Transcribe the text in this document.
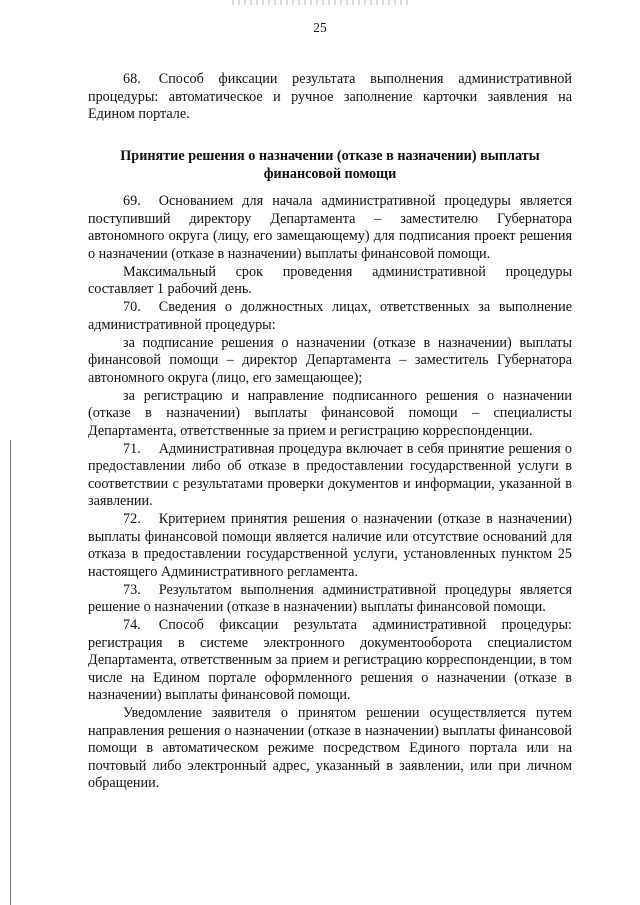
25

68. Способ фиксации результата выполнения административной процедуры: автоматическое и ручное заполнение карточки заявления на Едином портале.

Принятие решения о назначении (отказе в назначении) выплаты
финансовой помощи

69. Основанием для начала административной процедуры является поступивший директору Департамента – заместителю Губернатора автономного округа (лицу, его замещающему) для подписания проект решения о назначении (отказе в назначении) выплаты финансовой помощи.

Максимальный срок проведения административной процедуры составляет 1 рабочий день.

70. Сведения о должностных лицах, ответственных за выполнение административной процедуры:

за подписание решения о назначении (отказе в назначении) выплаты финансовой помощи – директор Департамента – заместитель Губернатора автономного округа (лицо, его замещающее);

за регистрацию и направление подписанного решения о назначении (отказе в назначении) выплаты финансовой помощи – специалисты Департамента, ответственные за прием и регистрацию корреспонденции.

71. Административная процедура включает в себя принятие решения о предоставлении либо об отказе в предоставлении государственной услуги в соответствии с результатами проверки документов и информации, указанной в заявлении.

72. Критерием принятия решения о назначении (отказе в назначении) выплаты финансовой помощи является наличие или отсутствие оснований для отказа в предоставлении государственной услуги, установленных пунктом 25 настоящего Административного регламента.

73. Результатом выполнения административной процедуры является решение о назначении (отказе в назначении) выплаты финансовой помощи.

74. Способ фиксации результата административной процедуры: регистрация в системе электронного документооборота специалистом Департамента, ответственным за прием и регистрацию корреспонденции, в том числе на Едином портале оформленного решения о назначении (отказе в назначении) выплаты финансовой помощи.

Уведомление заявителя о принятом решении осуществляется путем направления решения о назначении (отказе в назначении) выплаты финансовой помощи в автоматическом режиме посредством Единого портала или на почтовый либо электронный адрес, указанный в заявлении, или при личном обращении.
